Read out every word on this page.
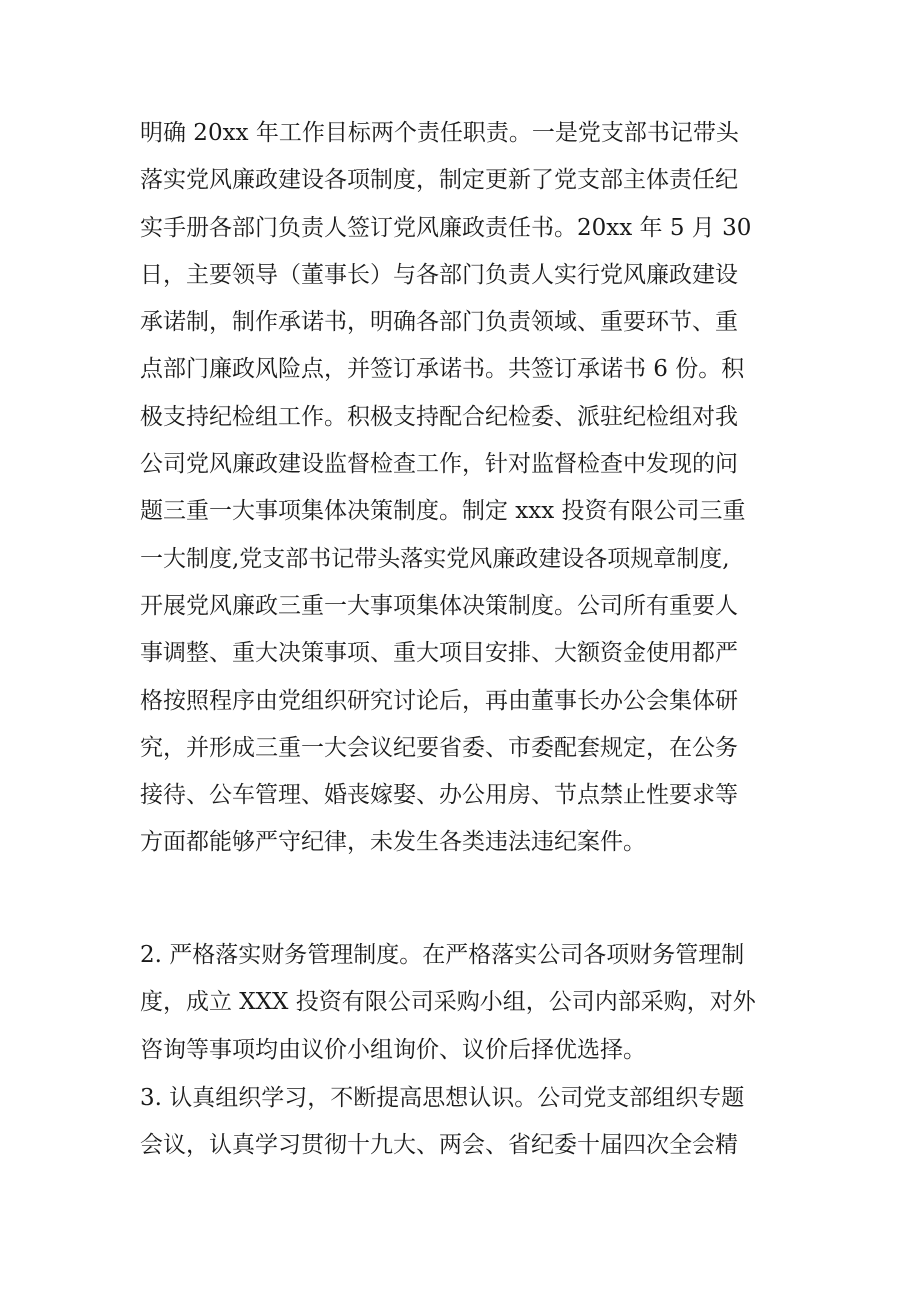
明确 20xx 年工作目标两个责任职责。一是党支部书记带头
落实党风廉政建设各项制度，制定更新了党支部主体责任纪
实手册各部门负责人签订党风廉政责任书。20xx 年 5 月 30
日，主要领导（董事长）与各部门负责人实行党风廉政建设
承诺制，制作承诺书，明确各部门负责领域、重要环节、重
点部门廉政风险点，并签订承诺书。共签订承诺书 6 份。积
极支持纪检组工作。积极支持配合纪检委、派驻纪检组对我
公司党风廉政建设监督检查工作，针对监督检查中发现的问
题三重一大事项集体决策制度。制定 xxx 投资有限公司三重
一大制度,党支部书记带头落实党风廉政建设各项规章制度,
开展党风廉政三重一大事项集体决策制度。公司所有重要人
事调整、重大决策事项、重大项目安排、大额资金使用都严
格按照程序由党组织研究讨论后，再由董事长办公会集体研
究，并形成三重一大会议纪要省委、市委配套规定，在公务
接待、公车管理、婚丧嫁娶、办公用房、节点禁止性要求等
方面都能够严守纪律，未发生各类违法违纪案件。

2. 严格落实财务管理制度。在严格落实公司各项财务管理制
度，成立 XXX 投资有限公司采购小组，公司内部采购，对外
咨询等事项均由议价小组询价、议价后择优选择。

3. 认真组织学习，不断提高思想认识。公司党支部组织专题
会议，认真学习贯彻十九大、两会、省纪委十届四次全会精
